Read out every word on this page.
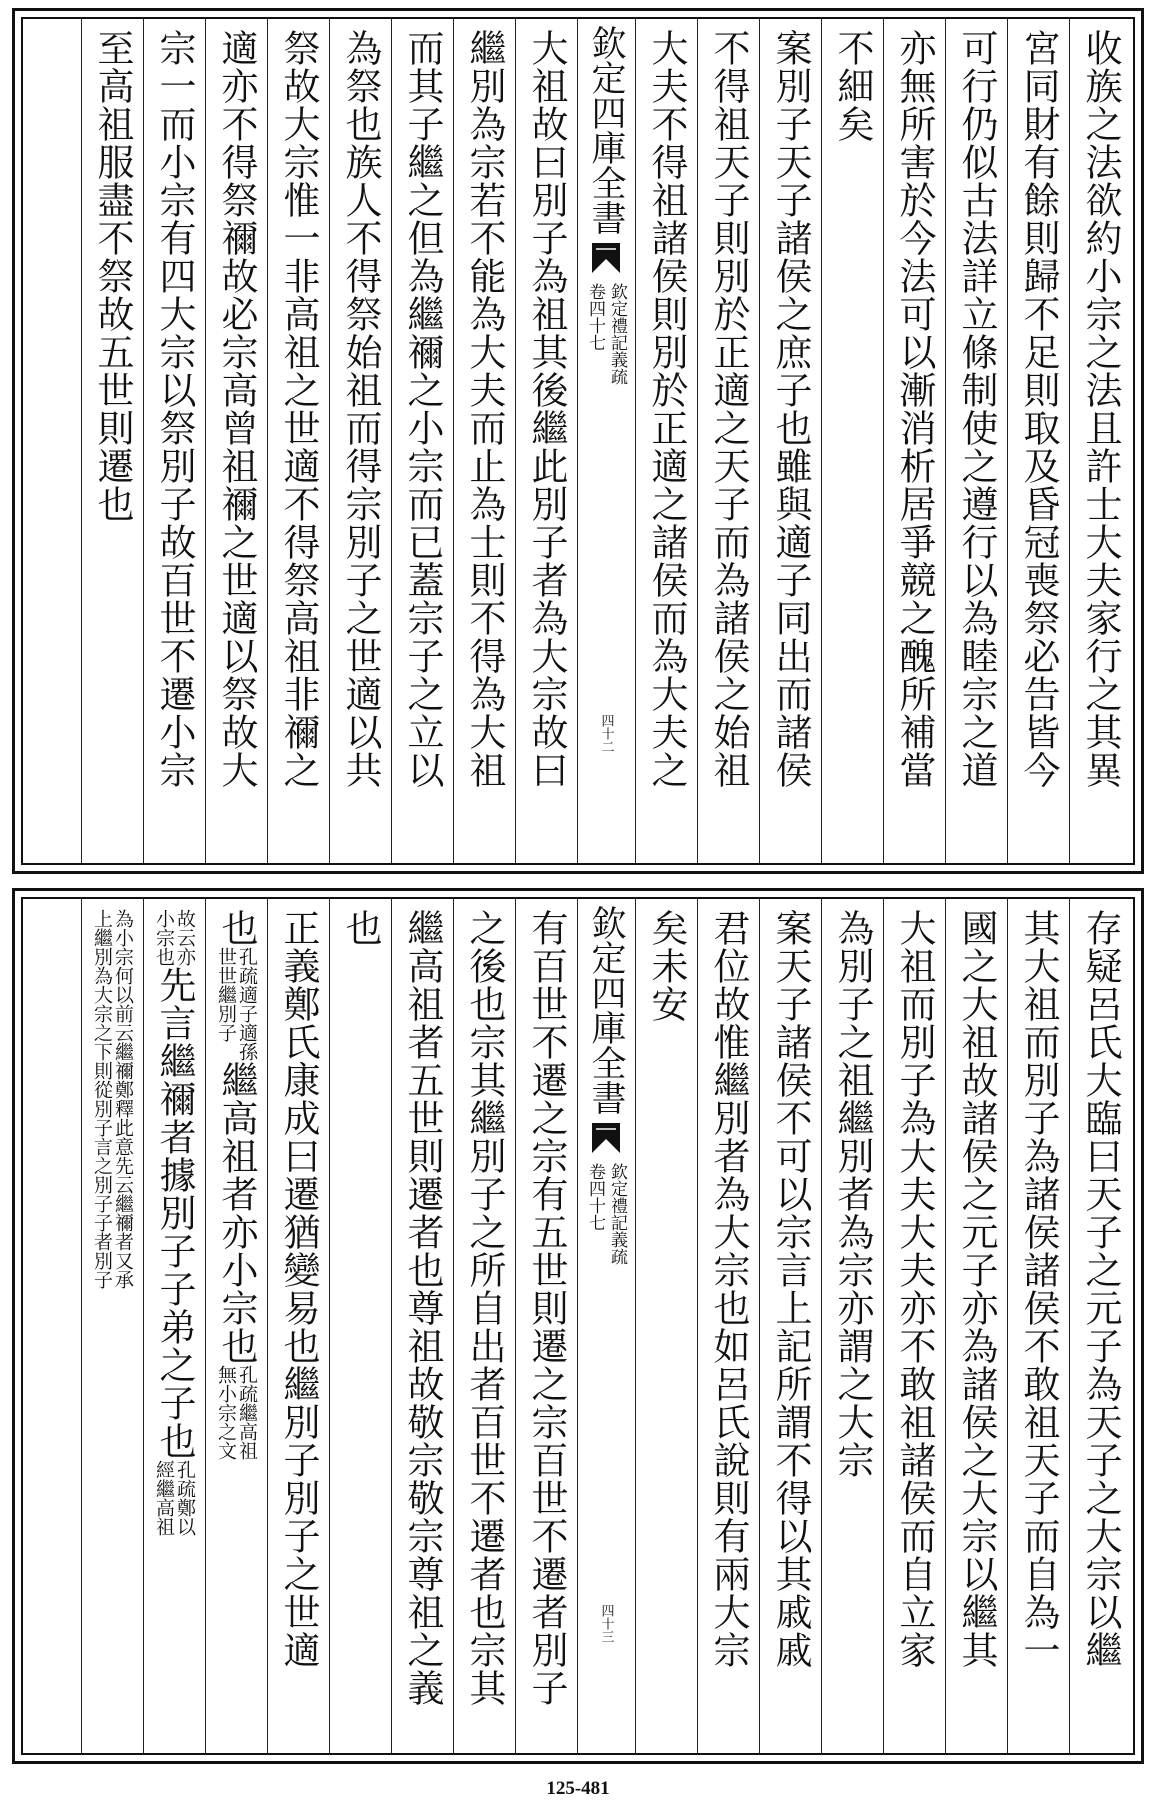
收族之法欲約小宗之法且許士大夫家行之其異
宮同財有餘則歸不足則取及昏冠喪祭必告皆今
可行仍似古法詳立條制使之遵行以為睦宗之道
亦無所害於今法可以漸消析居爭競之醜所補當
不細矣
案別子天子諸侯之庶子也雖與適子同出而諸侯
不得祖天子則別於正適之天子而為諸侯之始祖
大夫不得祖諸侯則別於正適之諸侯而為大夫之
欽定四庫全書
欽定禮記義疏
卷四十七
四十二
大祖故曰別子為祖其後繼此別子者為大宗故曰
繼別為宗若不能為大夫而止為士則不得為大祖
而其子繼之但為繼禰之小宗而已蓋宗子之立以
為祭也族人不得祭始祖而得宗別子之世適以共
祭故大宗惟一非高祖之世適不得祭高祖非禰之
適亦不得祭禰故必宗高曾祖禰之世適以祭故大
宗一而小宗有四大宗以祭別子故百世不遷小宗
至高祖服盡不祭故五世則遷也
存疑呂氏大臨曰天子之元子為天子之大宗以繼
其大祖而別子為諸侯諸侯不敢祖天子而自為一
國之大祖故諸侯之元子亦為諸侯之大宗以繼其
大祖而別子為大夫大夫亦不敢祖諸侯而自立家
為別子之祖繼別者為宗亦謂之大宗
案天子諸侯不可以宗言上記所謂不得以其戚戚
君位故惟繼別者為大宗也如呂氏說則有兩大宗
矣未安
欽定四庫全書
欽定禮記義疏
卷四十七
四十三
有百世不遷之宗有五世則遷之宗百世不遷者別子
之後也宗其繼別子之所自出者百世不遷者也宗其
繼高祖者五世則遷者也尊祖故敬宗敬宗尊祖之義
也
正義鄭氏康成曰遷猶變易也繼別子別子之世適
也
孔疏適子適孫
世世繼別子
繼高祖者亦小宗也
孔疏繼高祖
無小宗之文
故云亦
小宗也
先言繼禰者據別子子弟之子也
孔疏鄭以
經繼高祖
為小宗何以前云繼禰鄭釋此意先云繼禰者又承
上繼別為大宗之下則從別子言之別子子者別子
125-481
